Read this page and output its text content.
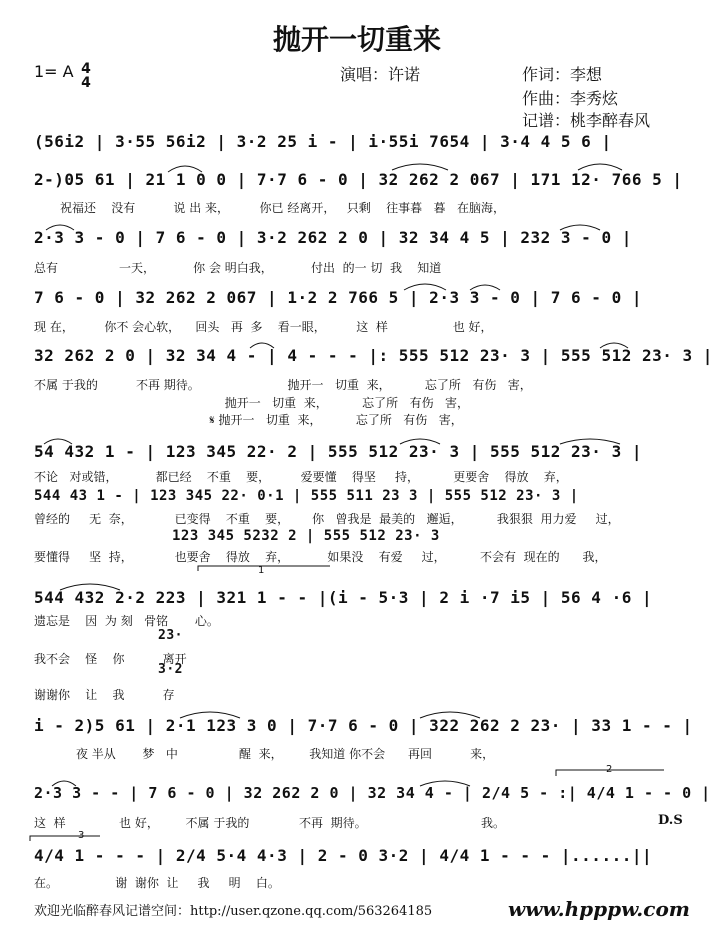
抛开一切重来
1= A 4
4	演唱：许诺	作词：李想
作曲：李秀炫
记谱：桃李醉春风
(56i2 | 3·55 56i2 | 3·2 25 i - | i·55i 7654 | 3·4 4 5 6 |
2-)05 61 | 21 1 0 0 | 7·7 6 - 0 | 32 262 2 067 | 171 12· 766 5 |
祝福还    没有          说 出 来，        你已 经离开，   只剩    往事暮   暮   在脑海，
2·3 3 - 0 | 7 6 - 0 | 3·2 262 2 0 | 32 34 4 5 | 232 3 - 0 |
总有                一天，          你 会 明白我，          付出  的一 切  我    知道
7 6 - 0 | 32 262 2 067 | 1·2 2 766 5 | 2·3 3 - 0 | 7 6 - 0 |
现 在，        你不 会心软，    回头   再  多    看一眼，        这  样                 也 好，
32 262 2 0 | 32 34 4 - | 4 - - - |: 555 512 23· 3 | 555 512 23· 3 |
不属 于我的          不再 期待。                       抛开一   切重  来，         忘了所   有伤   害，
抛开一   切重  来，         忘了所   有伤   害，
𝄋 抛开一   切重  来，         忘了所   有伤   害，
54 432 1 - | 123 345 22· 2 | 555 512 23· 3 | 555 512 23· 3 |
不论   对或错，          都已经    不重    要，        爱要懂    得坚     持，         更要舍    得放    弃，
544 43 1 - | 123 345 22· 0·1 | 555 511 23 3 | 555 512 23· 3 |
曾经的     无  奈，           已变得    不重    要，      你   曾我是  最美的   邂逅，         我狠狠  用力爱     过，
123 345 5232 2 | 555 512 23· 3
要懂得     坚  持，           也要舍    得放    弃，          如果没    有爱     过，         不会有  现在的      我，
544 432 2·2 223 | 321 1 - - |(i - 5·3 | 2 i ·7 i5 | 56 4 ·6 |
遗忘是    因  为 刻   骨铭       心。
23·
我不会    怪    你          离开
3·2
谢谢你    让    我          存
i - 2)5 61 | 2·1 123 3 0 | 7·7 6 - 0 | 322 262 2 23· | 33 1 - - |
夜 半从       梦   中                醒  来，       我知道 你不会      再回          来，
2·3 3 - - | 7 6 - 0 | 32 262 2 0 | 32 34 4 - | 2/4 5 - :| 4/4 1 - - 0 |
这  样              也 好，       不属 于我的             不再  期待。                              我。	D.S
4/4 1 - - - | 2/4 5·4 4·3 | 2 - 0 3·2 | 4/4 1 - - - |......||
在。               谢  谢你  让     我     明    白。
1
2
3
欢迎光临醉春风记谱空间：http://user.qzone.qq.com/563264185	www.hpppw.com
